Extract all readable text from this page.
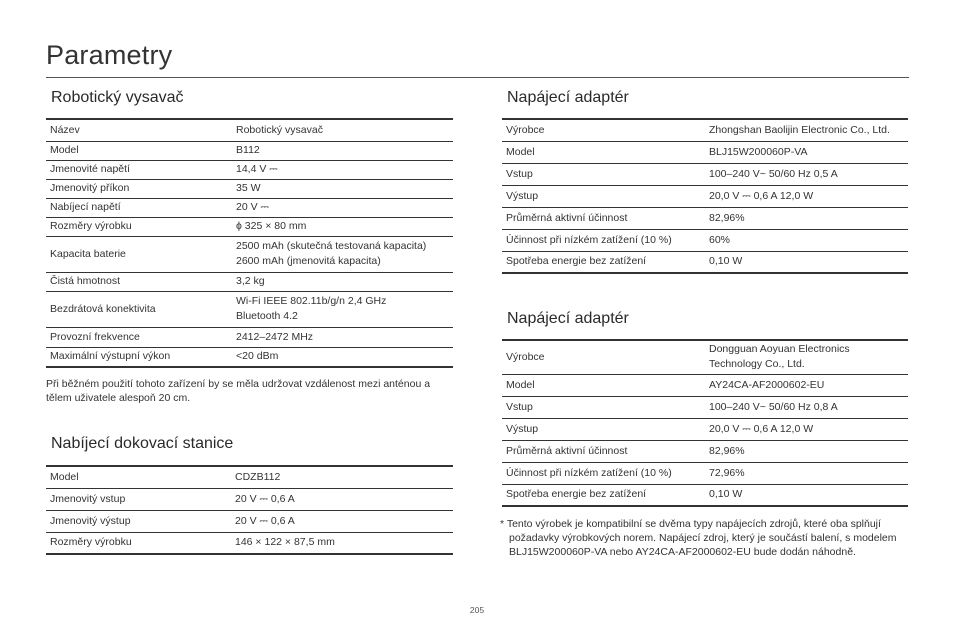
Parametry
Robotický vysavač
Název	Robotický vysavač
Model	B112
Jmenovité napětí	14,4 V ⎓
Jmenovitý příkon	35 W
Nabíjecí napětí	20 V ⎓
Rozměry výrobku	ϕ 325 × 80 mm
Kapacita baterie	2500 mAh (skutečná testovaná kapacita)
2600 mAh (jmenovitá kapacita)
Čistá hmotnost	3,2 kg
Bezdrátová konektivita	Wi-Fi IEEE 802.11b/g/n 2,4 GHz
Bluetooth 4.2
Provozní frekvence	2412–2472 MHz
Maximální výstupní výkon	<20 dBm

Při běžném použití tohoto zařízení by se měla udržovat vzdálenost mezi anténou a tělem uživatele alespoň 20 cm.

Nabíjecí dokovací stanice
Model	CDZB112
Jmenovitý vstup	20 V ⎓ 0,6 A
Jmenovitý výstup	20 V ⎓ 0,6 A
Rozměry výrobku	146 × 122 × 87,5 mm
Napájecí adaptér
Výrobce	Zhongshan Baolijin Electronic Co., Ltd.
Model	BLJ15W200060P-VA
Vstup	100–240 V~ 50/60 Hz 0,5 A
Výstup	20,0 V ⎓ 0,6 A 12,0 W
Průměrná aktivní účinnost	82,96%
Účinnost při nízkém zatížení (10 %)	60%
Spotřeba energie bez zatížení	0,10 W
Napájecí adaptér
Výrobce	Dongguan Aoyuan Electronics
Technology Co., Ltd.
Model	AY24CA-AF2000602-EU
Vstup	100–240 V~ 50/60 Hz 0,8 A
Výstup	20,0 V ⎓ 0,6 A 12,0 W
Průměrná aktivní účinnost	82,96%
Účinnost při nízkém zatížení (10 %)	72,96%
Spotřeba energie bez zatížení	0,10 W

* Tento výrobek je kompatibilní se dvěma typy napájecích zdrojů, které oba splňují požadavky výrobkových norem. Napájecí zdroj, který je součástí balení, s modelem BLJ15W200060P-VA nebo AY24CA-AF2000602-EU bude dodán náhodně.

205
